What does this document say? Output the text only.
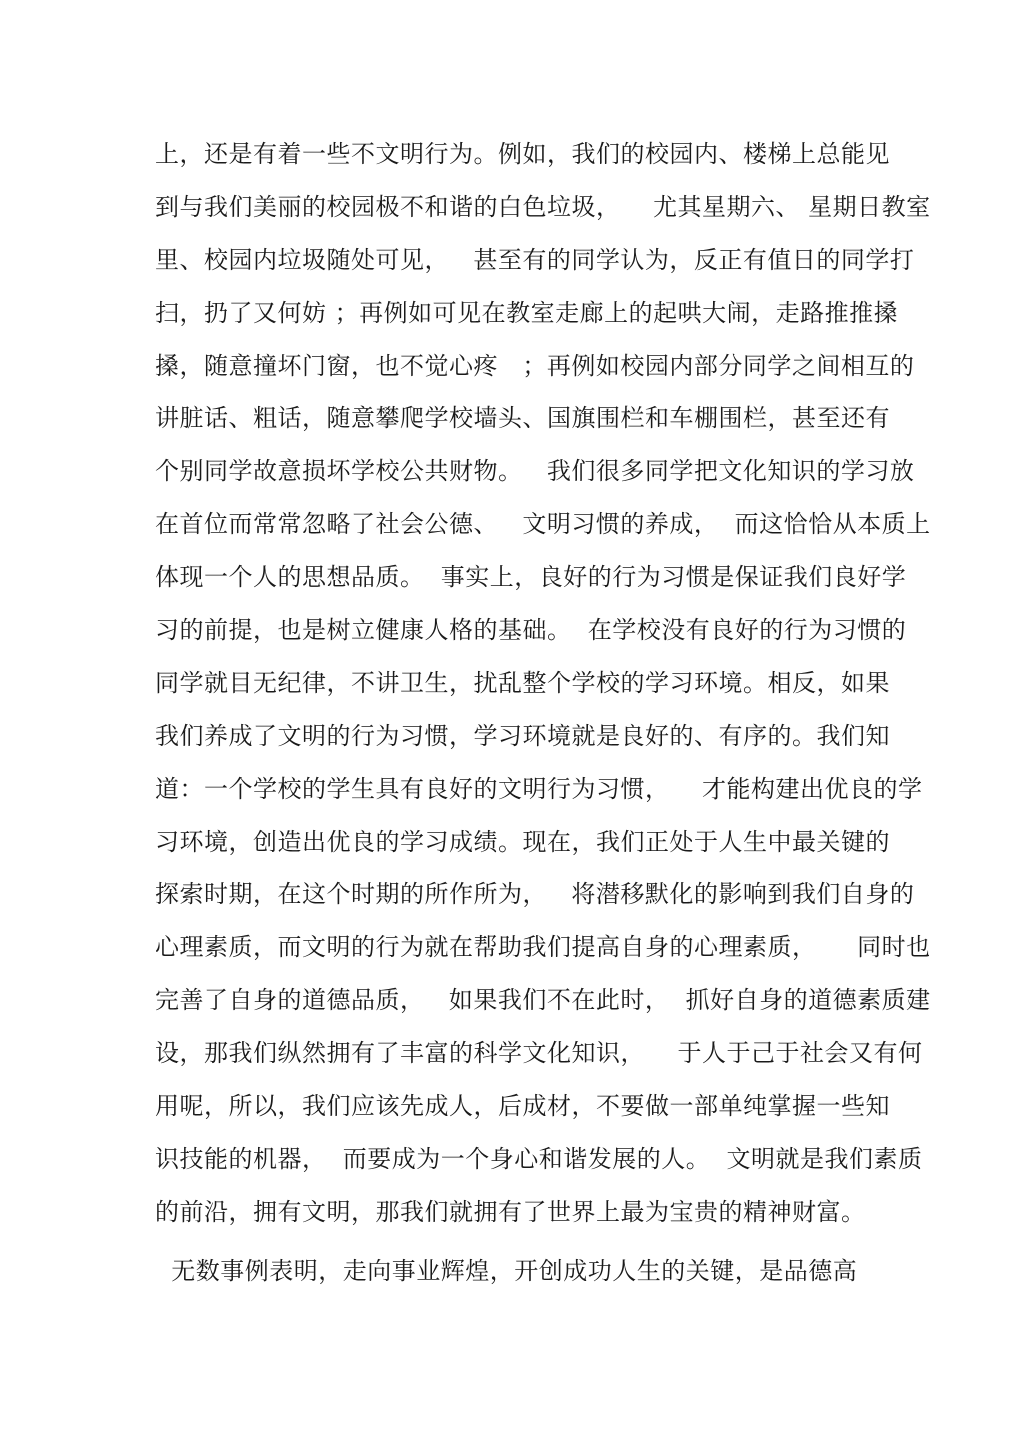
上，还是有着一些不文明行为。例如，我们的校园内、楼梯上总能见
到与我们美丽的校园极不和谐的白色垃圾，    尤其星期六、 星期日教室
里、校园内垃圾随处可见，   甚至有的同学认为，反正有值日的同学打
扫，扔了又何妨 ；再例如可见在教室走廊上的起哄大闹，走路推推搡
搡，随意撞坏门窗，也不觉心疼   ；再例如校园内部分同学之间相互的
讲脏话、粗话，随意攀爬学校墙头、国旗围栏和车棚围栏，甚至还有
个别同学故意损坏学校公共财物。   我们很多同学把文化知识的学习放
在首位而常常忽略了社会公德、   文明习惯的养成，  而这恰恰从本质上
体现一个人的思想品质。  事实上，良好的行为习惯是保证我们良好学
习的前提，也是树立健康人格的基础。  在学校没有良好的行为习惯的
同学就目无纪律，不讲卫生，扰乱整个学校的学习环境。相反，如果
我们养成了文明的行为习惯，学习环境就是良好的、有序的。我们知
道：一个学校的学生具有良好的文明行为习惯，    才能构建出优良的学
习环境，创造出优良的学习成绩。现在，我们正处于人生中最关键的
探索时期，在这个时期的所作所为，   将潜移默化的影响到我们自身的
心理素质，而文明的行为就在帮助我们提高自身的心理素质，     同时也
完善了自身的道德品质，   如果我们不在此时，  抓好自身的道德素质建
设，那我们纵然拥有了丰富的科学文化知识，    于人于己于社会又有何
用呢，所以，我们应该先成人，后成材，不要做一部单纯掌握一些知
识技能的机器，  而要成为一个身心和谐发展的人。  文明就是我们素质
的前沿，拥有文明，那我们就拥有了世界上最为宝贵的精神财富。
无数事例表明，走向事业辉煌，开创成功人生的关键，是品德高
